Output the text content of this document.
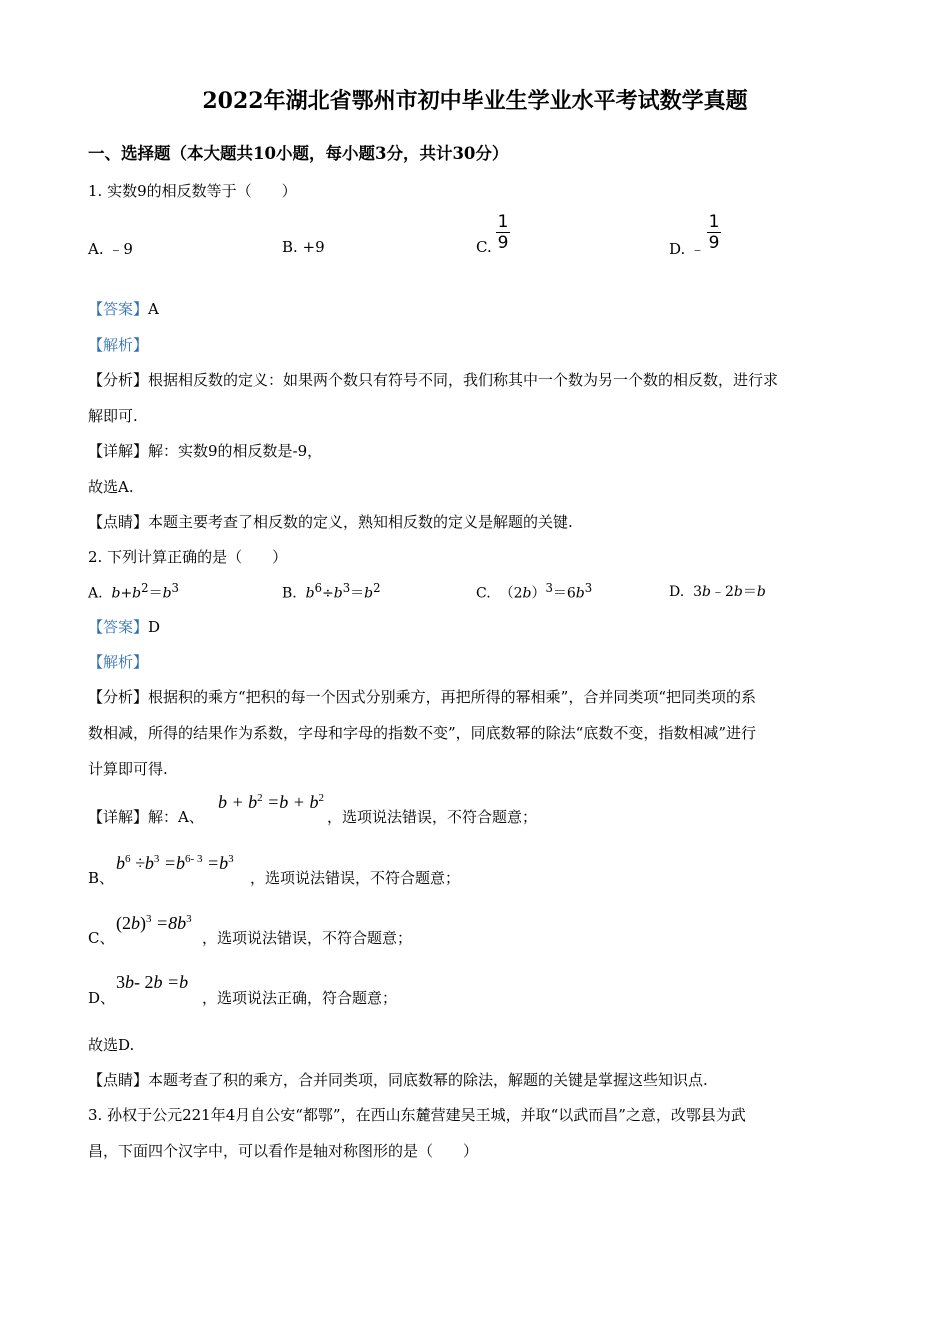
2022年湖北省鄂州市初中毕业生学业水平考试数学真题
一、选择题（本大题共10小题，每小题3分，共计30分）
1. 实数9的相反数等于（　　）
A. ﹣9	B. +9	C.
1
9	D. ﹣
1
9
【答案】A
【解析】
【分析】根据相反数的定义：如果两个数只有符号不同，我们称其中一个数为另一个数的相反数，进行求
解即可.
【详解】解：实数9的相反数是-9，
故选A.
【点睛】本题主要考查了相反数的定义，熟知相反数的定义是解题的关键.
2. 下列计算正确的是（　　）
A. $b+b^2=b^3$	B. $b^6\div b^3=b^2$	C.  $(2b)^3=6b^3$	D.  3b﹣2b＝b
【答案】D
【解析】
【分析】根据积的乘方“把积的每一个因式分别乘方，再把所得的幂相乘”，合并同类项“把同类项的系
数相减，所得的结果作为系数，字母和字母的指数不变”，同底数幂的除法“底数不变，指数相减”进行
计算即可得.
【详解】解：A、
$b + b^2 =b + b^2$
，选项说法错误，不符合题意；
B、
$b^6 \div b^3 =b^{6- 3} =b^3$
，选项说法错误，不符合题意；
C、
$(2b)^3 =8b^3$
，选项说法错误，不符合题意；
D、
3b- 2b =b
，选项说法正确，符合题意；
故选D.
【点睛】本题考查了积的乘方，合并同类项，同底数幂的除法，解题的关键是掌握这些知识点.
3. 孙权于公元221年4月自公安“都鄂”，在西山东麓营建吴王城，并取“以武而昌”之意，改鄂县为武
昌，下面四个汉字中，可以看作是轴对称图形的是（　　）
